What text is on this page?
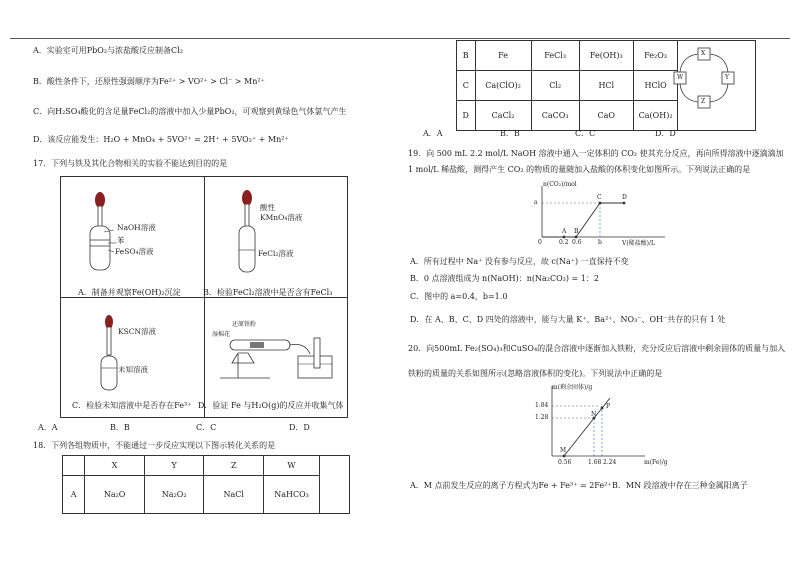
A．实验室可用PbO₂与浓盐酸反应制备Cl₂
B．酸性条件下，还原性强弱顺序为Fe²⁺ > VO²⁺ > Cl⁻ > Mn²⁺
C．向H₂SO₄酸化的含足量FeCl₂的溶液中加入少量PbO₂，可观察到黄绿色气体氯气产生
D．该反应能发生：H₂O + MnO₄ + 5VO²⁺ = 2H⁺ + 5VO₂⁺ + Mn²⁺
17．下列与铁及其化合物相关的实验不能达到目的的是
NaOH溶液
苯
FeSO₄溶液
A．制备并观察Fe(OH)₂沉淀
酸性
KMnO₄溶液
FeCl₂溶液
B．检验FeCl₂溶液中是否含有FeCl₃
KSCN溶液
未知溶液
C．检验未知溶液中是否存在Fe³⁺
还原铁粉
湿棉花
D．验证 Fe 与H₂O(g)的反应并收集气体
A．A	B．B	C．C	D．D
18．下列各组物质中，不能通过一步反应实现以下图示转化关系的是
	X	Y	Z	W	
A	Na₂O	Na₂O₂	NaCl	NaHCO₃	
B	Fe	FeCl₃	Fe(OH)₃	Fe₂O₃	
C	Ca(ClO)₂	Cl₂	HCl	HClO	
D	CaCl₂	CaCO₃	CaO	Ca(OH)₂	
X
W	Y
Z
A．A	B．B	C．C	D．D
19．向 500 mL 2.2 mol/L NaOH 溶液中通入一定体积的 CO₂ 使其充分反应，再向所得溶液中逐滴滴加
1 mol/L 稀盐酸，测得产生 CO₂ 的物质的量随加入盐酸的体积变化如图所示。下列说法正确的是
n(CO₂)/mol
V(稀盐酸)/L
a
0	0.2 0.6	b
A B
C	D
A．所有过程中 Na⁺ 没有参与反应，故 c(Na⁺) 一直保持不变
B．0 点溶液组成为 n(NaOH)：n(Na₂CO₃) = 1：2
C．图中的 a=0.4，b=1.0
D．在 A、B、C、D 四处的溶液中，能与大量 K⁺、Ba²⁺、NO₃⁻、OH⁻共存的只有 1 处
20．向500mL Fe₂(SO₄)₃和CuSO₄的混合溶液中逐渐加入铁粉，充分反应后溶液中剩余固体的质量与加入
铁粉的质量的关系如图所示(忽略溶液体积的变化)。下列说法中正确的是
m(剩余固体)/g
m(Fe)/g
1.84
1.28
0.56	1.68 2.24
M
N
P
A．M 点前发生反应的离子方程式为Fe + Fe³⁺ = 2Fe²⁺ B．MN 段溶液中存在三种金属阳离子
